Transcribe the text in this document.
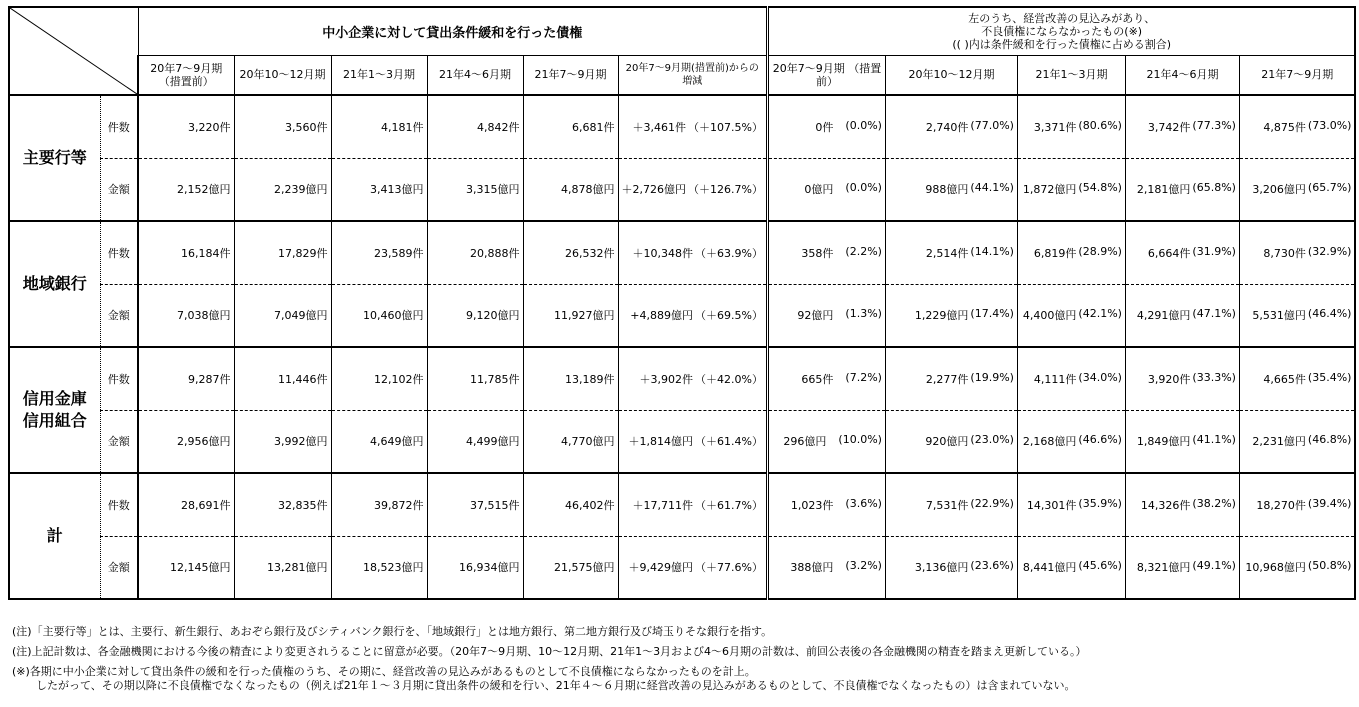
	中小企業に対して貸出条件緩和を行った債権						左のうち、経営改善の見込みがあり、
不良債権にならなかったもの(※)
(( )内は条件緩和を行った債権に占める割合)				

		20年7～9月期 （措置前）	20年10～12月期	21年1～3月期	21年4～6月期	21年7～9月期	20年7～9月期(措置前)からの増減	20年7～9月期 （措置前）	20年10～12月期	21年1～3月期	21年4～6月期	21年7～9月期
主要行等	件数	3,220件	3,560件	4,181件	4,842件	6,681件	＋3,461件 （＋107.5%）	0件 (0.0%)	2,740件 (77.0%)	3,371件 (80.6%)	3,742件 (77.3%)	4,875件 (73.0%)

	金額	2,152億円	2,239億円	3,413億円	3,315億円	4,878億円	＋2,726億円 （＋126.7%）	0億円 (0.0%)	988億円 (44.1%)	1,872億円 (54.8%)	2,181億円 (65.8%)	3,206億円 (65.7%)

地域銀行	件数	16,184件	17,829件	23,589件	20,888件	26,532件	＋10,348件 （＋63.9%）	358件 (2.2%)	2,514件 (14.1%)	6,819件 (28.9%)	6,664件 (31.9%)	8,730件 (32.9%)

	金額	7,038億円	7,049億円	10,460億円	9,120億円	11,927億円	+4,889億円 （＋69.5%）	92億円 (1.3%)	1,229億円 (17.4%)	4,400億円 (42.1%)	4,291億円 (47.1%)	5,531億円 (46.4%)

信用金庫 信用組合	件数	9,287件	11,446件	12,102件	11,785件	13,189件	＋3,902件 （＋42.0%）	665件 (7.2%)	2,277件 (19.9%)	4,111件 (34.0%)	3,920件 (33.3%)	4,665件 (35.4%)

	金額	2,956億円	3,992億円	4,649億円	4,499億円	4,770億円	＋1,814億円 （＋61.4%）	296億円 (10.0%)	920億円 (23.0%)	2,168億円 (46.6%)	1,849億円 (41.1%)	2,231億円 (46.8%)

計	件数	28,691件	32,835件	39,872件	37,515件	46,402件	＋17,711件 （＋61.7%）	1,023件 (3.6%)	7,531件 (22.9%)	14,301件 (35.9%)	14,326件 (38.2%)	18,270件 (39.4%)

	金額	12,145億円	13,281億円	18,523億円	16,934億円	21,575億円	＋9,429億円 （＋77.6%）	388億円 (3.2%)	3,136億円 (23.6%)	8,441億円 (45.6%)	8,321億円 (49.1%)	10,968億円 (50.8%)

(注)「主要行等」とは、主要行、新生銀行、あおぞら銀行及びシティバンク銀行を、「地域銀行」とは地方銀行、第二地方銀行及び埼玉りそな銀行を指す。

(注)上記計数は、各金融機関における今後の精査により変更されうることに留意が必要。（20年7～9月期、10～12月期、21年1～3月および4～6月期の計数は、前回公表後の各金融機関の精査を踏まえ更新している。）

(※)各期に中小企業に対して貸出条件の緩和を行った債権のうち、その期に、経営改善の見込みがあるものとして不良債権にならなかったものを計上。

したがって、その期以降に不良債権でなくなったもの（例えば21年１～３月期に貸出条件の緩和を行い、21年４～６月期に経営改善の見込みがあるものとして、不良債権でなくなったもの）は含まれていない。
